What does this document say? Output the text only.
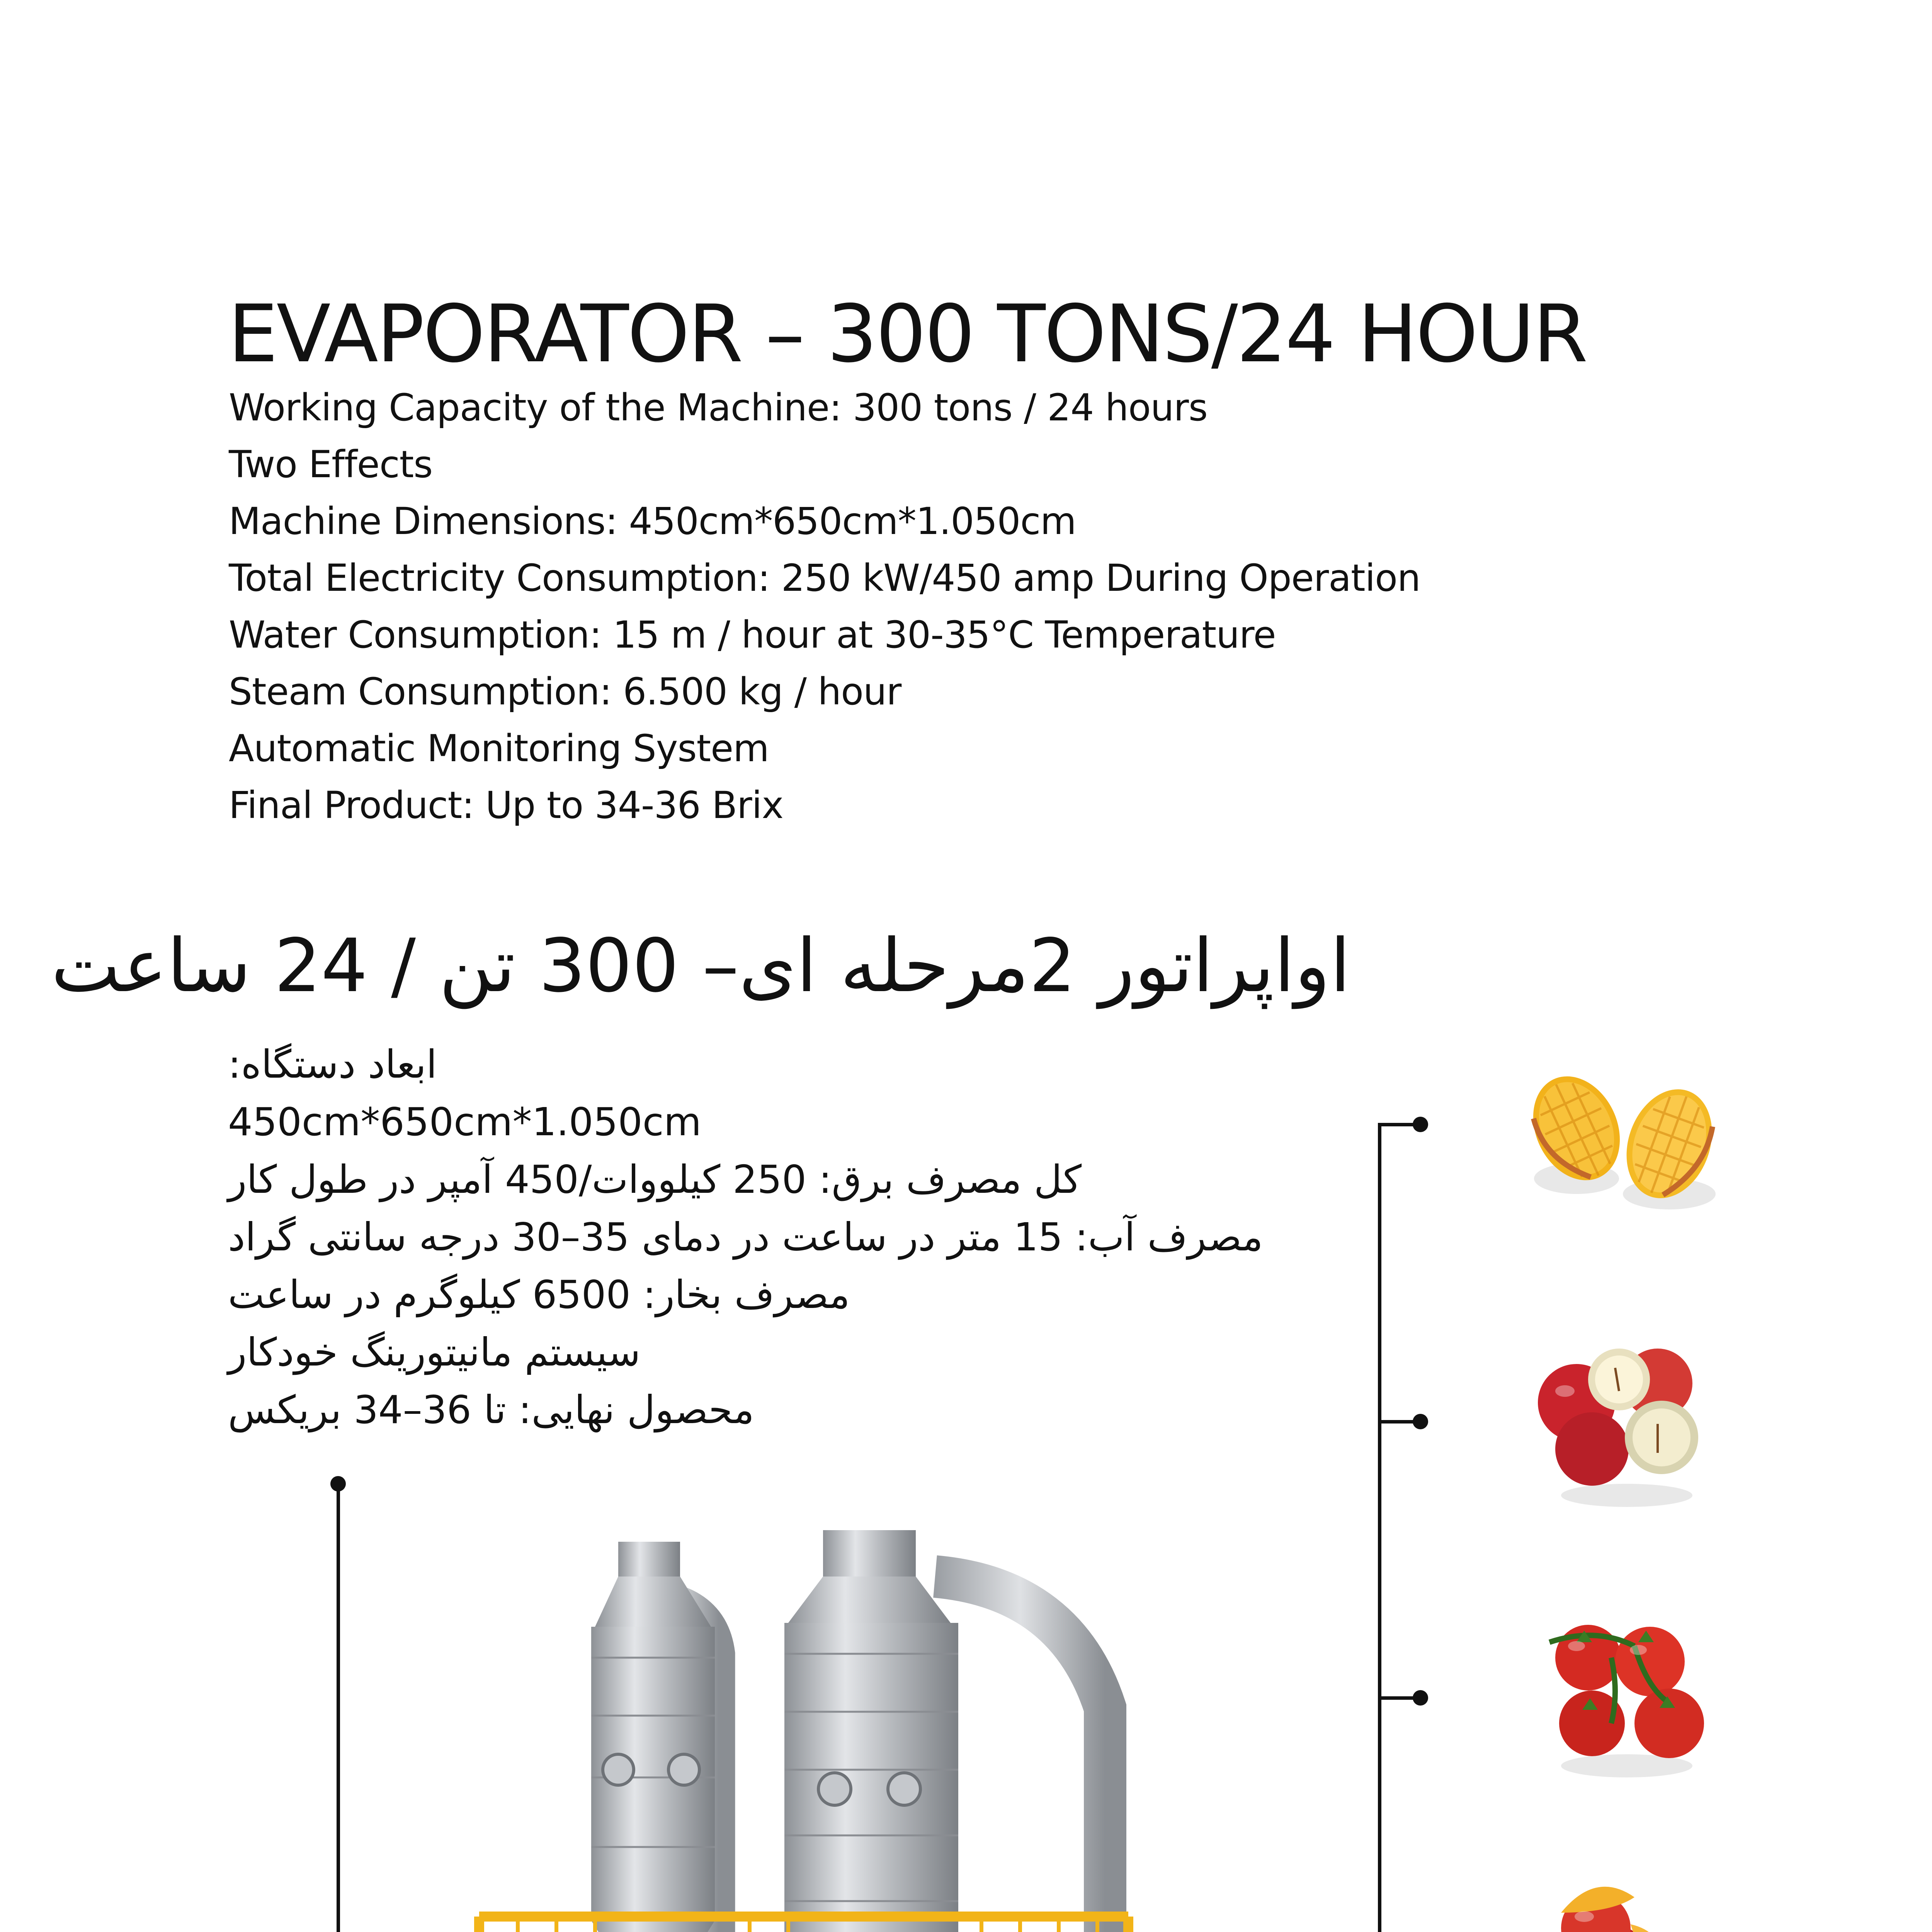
EVAPORATOR – 300 TONS/24 HOUR
Working Capacity of the Machine: 300 tons / 24 hours
Two Effects
Machine Dimensions: 450cm*650cm*1.050cm
Total Electricity Consumption: 250 kW/450 amp During Operation
Water Consumption: 15 m / hour at 30-35°C Temperature
Steam Consumption: 6.500 kg / hour
Automatic Monitoring System
Final Product: Up to 34-36 Brix
اواپراتور 2مرحله ای– 300 تن / 24 ساعت
ابعاد دستگاه:
450cm*650cm*1.050cm
کل مصرف برق: 250 کیلووات/450 آمپر در طول کار
مصرف آب: 15 متر در ساعت در دمای 35–30 درجه سانتی گراد
مصرف بخار: 6500 کیلوگرم در ساعت
سیستم مانیتورینگ خودکار
محصول نهایی: تا 36–34 بریکس
